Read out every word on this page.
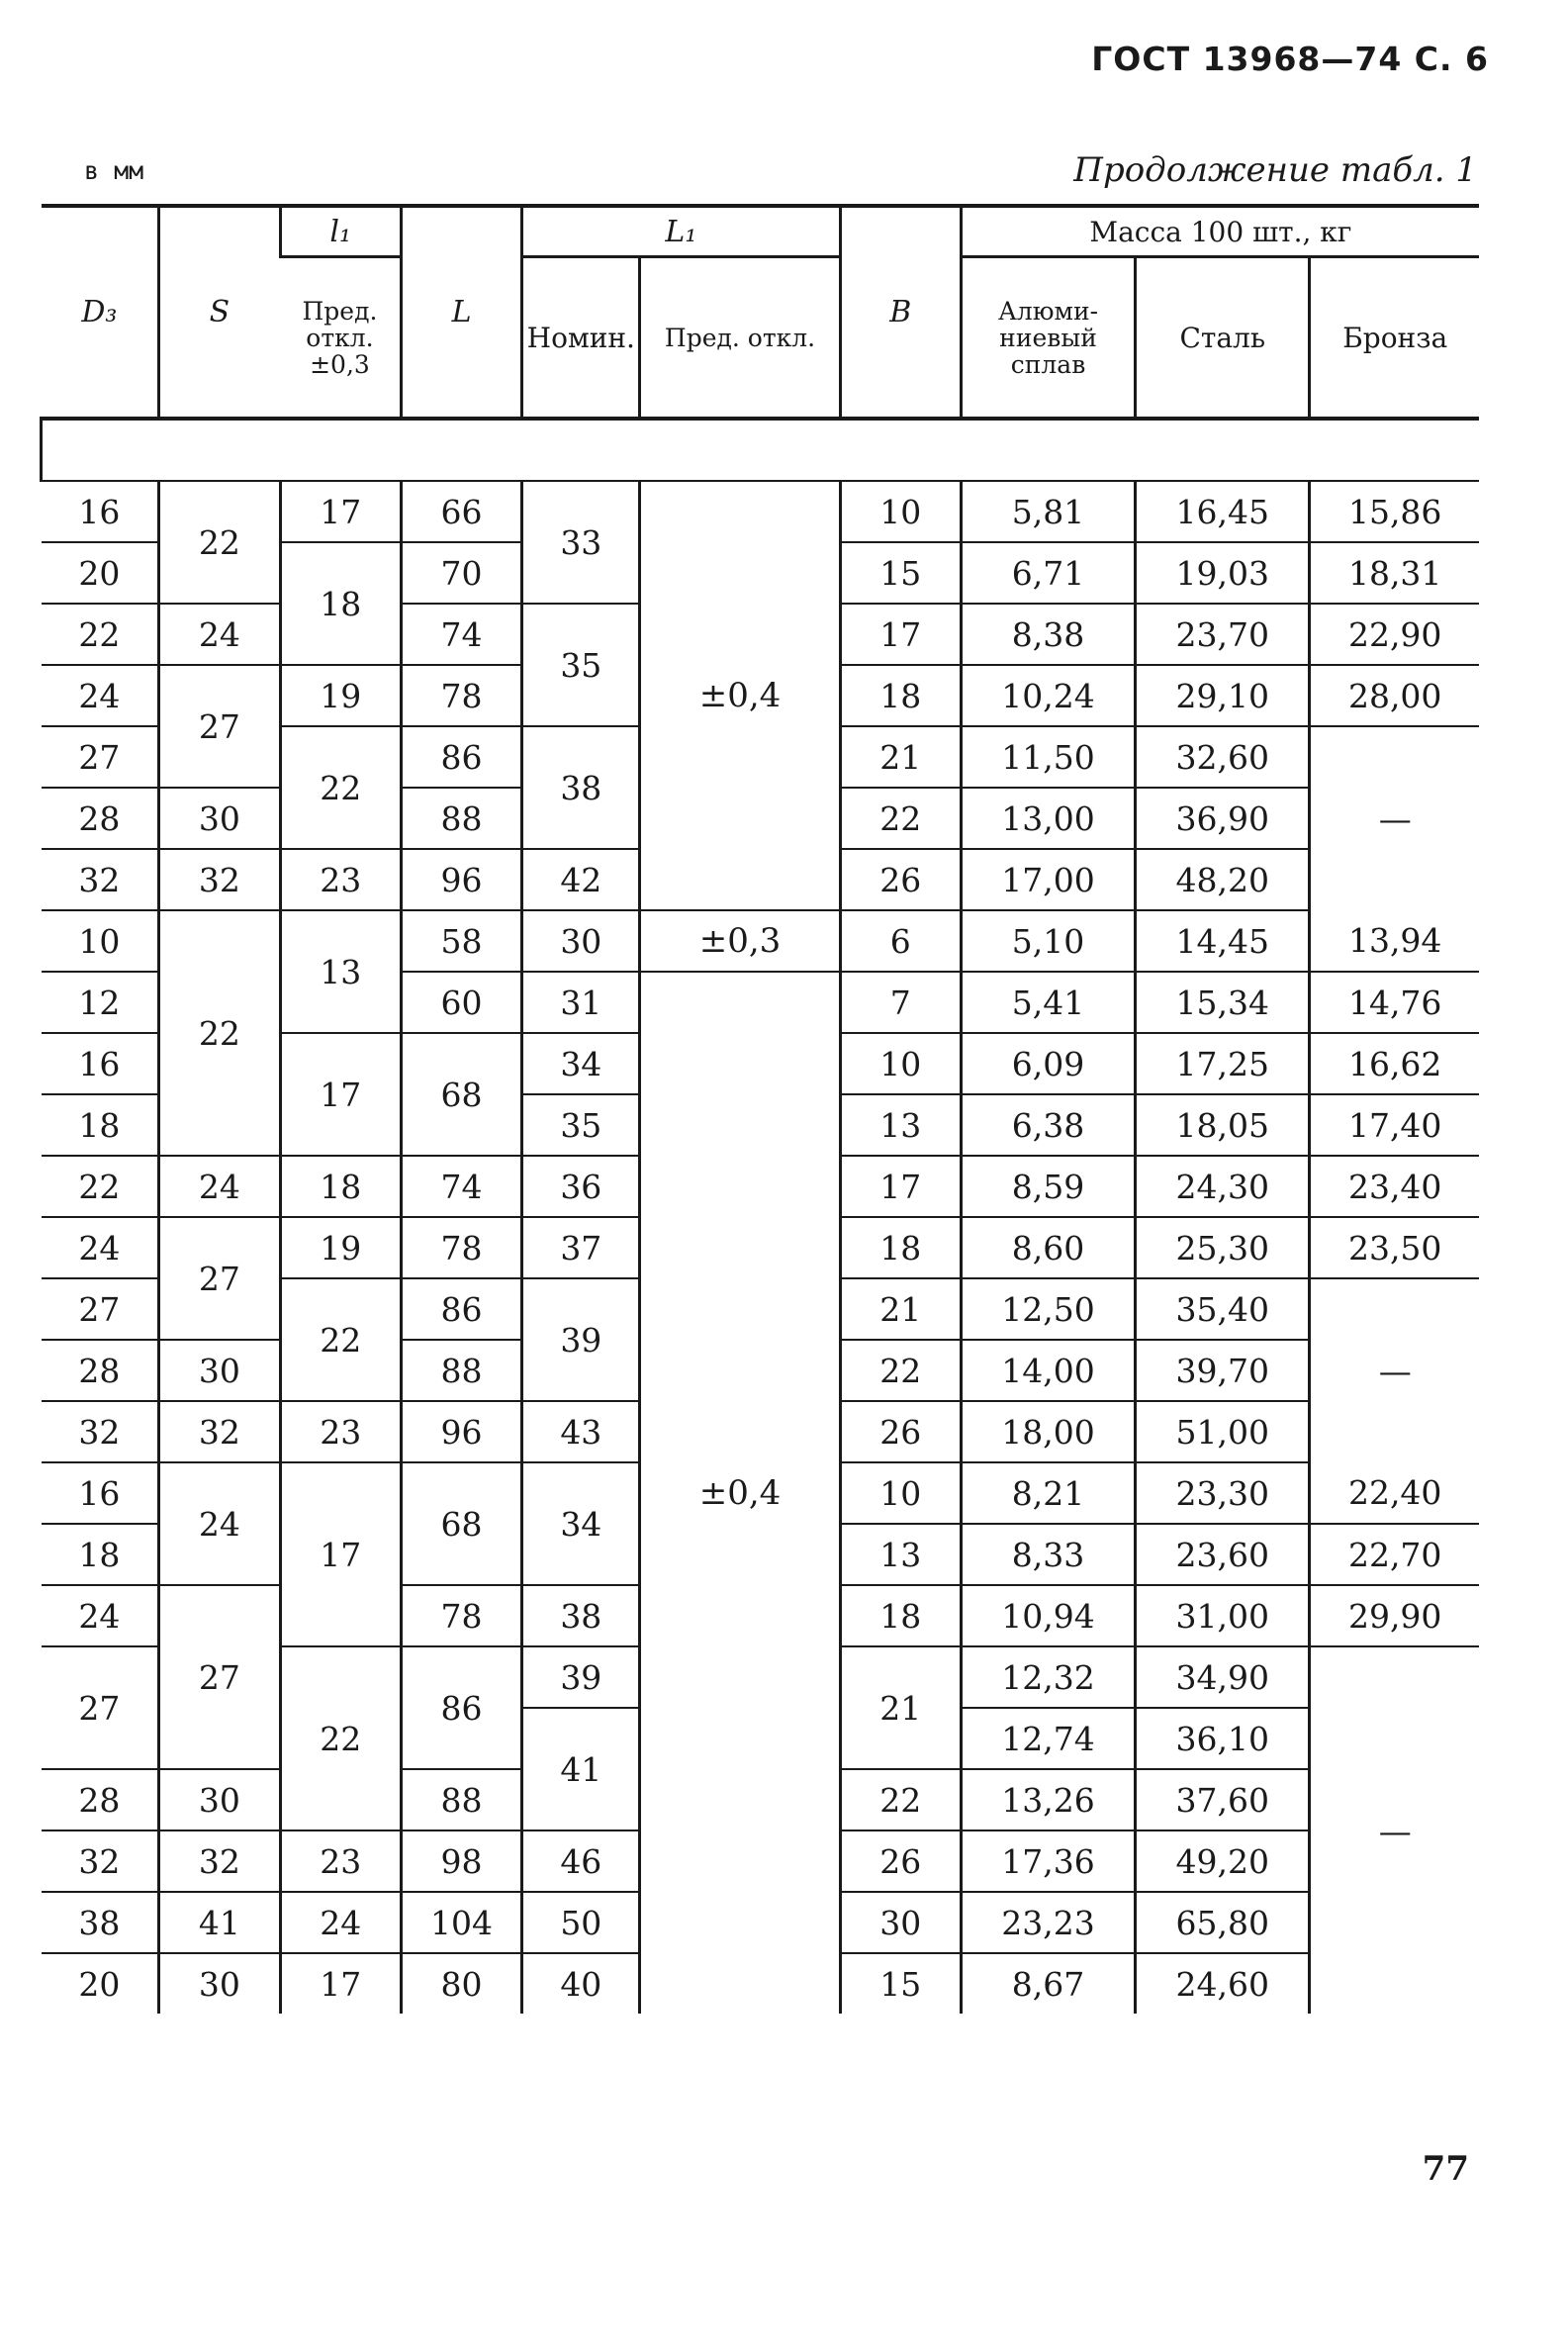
ГОСТ 13968—74 С. 6
в мм	Продолжение табл. 1
D₃	S	l₁	L	L₁		B	Масса 100 шт., кг		
		Пред. откл. ±0,3		Номин.	Пред. откл.		Алюми-ниевый сплав	Сталь	Бронза

16	22	17	66	33	±0,4	10	5,81	16,45	15,86
20		18	70			15	6,71	19,03	18,31
22	24		74	35		17	8,38	23,70	22,90
24	27	19	78			18	10,24	29,10	28,00
27		22	86	38		21	11,50	32,60	—
28	30		88			22	13,00	36,90	
32	32	23	96	42		26	17,00	48,20	
10	22	13	58	30	±0,3	6	5,10	14,45	13,94
12			60	31	±0,4	7	5,41	15,34	14,76
16		17	68	34		10	6,09	17,25	16,62
18				35		13	6,38	18,05	17,40
22	24	18	74	36		17	8,59	24,30	23,40
24	27	19	78	37		18	8,60	25,30	23,50
27		22	86	39		21	12,50	35,40	—
28	30		88			22	14,00	39,70	
32	32	23	96	43		26	18,00	51,00	
16	24	17	68	34		10	8,21	23,30	22,40
18						13	8,33	23,60	22,70
24	27		78	38		18	10,94	31,00	29,90
27		22	86	39		21	12,32	34,90	—
				41			12,74	36,10	
28	30		88			22	13,26	37,60	
32	32	23	98	46		26	17,36	49,20	
38	41	24	104	50		30	23,23	65,80	
20	30	17	80	40		15	8,67	24,60	
77
